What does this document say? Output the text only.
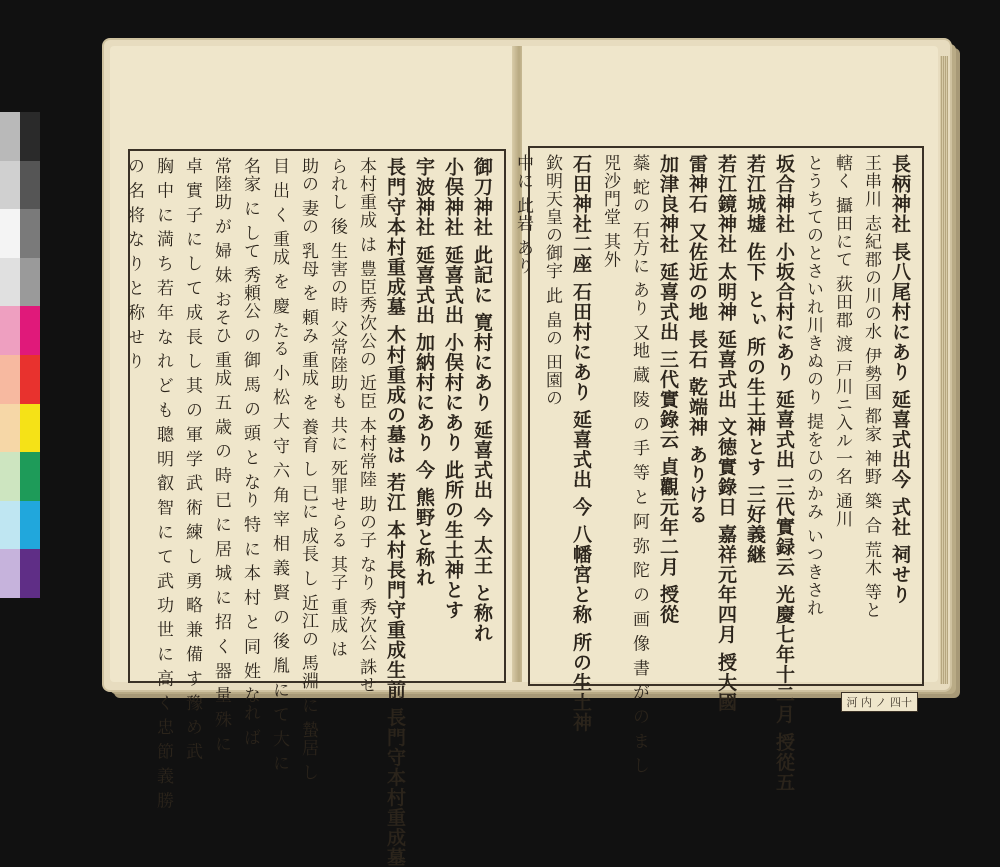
御刀神社 此記に 寛村にあり 延喜式出 今 太王 と称れ
小俣神社 延喜式出 小俣村にあり 此所の生土神とす
宇波神社 延喜式出 加納村にあり 今 熊野と称れ
長門守本村重成墓 木村重成の墓は 若江 本村長門守重成生前 長門守本村重成墓
本村重成 は 豊臣秀次公の 近臣 本村常陸 助の子 なり 秀次公 誅せ
られし 後 生害の時 父常陸助も 共に 死罪せらる 其子 重成 は
助の 妻の 乳母 を 頼み 重成 を 養育 し 已に 成長 し 近江の 馬淵 に 蟄居 し
目 出 く 重成 を 慶 たる 小 松 大 守 六 角 宰 相 義 賢 の 後 胤 に て 大 に
名家 に して 秀頼公 の 御 馬 の 頭 と なり 特 に 本 村 と 同 姓 なれ ば
常陸助 が 婦 妹 おそひ 重成 五 歳 の 時 已 に 居 城 に 招 く 器 量 殊 に
卓 實 子 に し て 成 長 し 其 の 軍 学 武 術 練 し 勇 略 兼 備 す 豫 め 武
胸 中 に 満 ち 若 年 な れ ど も 聰 明 叡 智 に て 武 功 世 に 高 く 忠 節 義 勝
の 名 将 な り と 称 せ り	長柄神社 長八尾村にあり 延喜式出今 式社 祠せり
王串川 志紀郡の川の水 伊勢国 都家 神野 築 合 荒木 等と
轄く 攝田にて 荻田郡 渡 戸川ニ入ル一名 通川
とうちてのとさいれ川きぬのり 提をひのかみ いつきされ
坂合神社 小坂合村にあり 延喜式出 三代實録云 光慶七年十二月 授從五
若江城墟 佐下 とぃ 所の生土神とす 三好義継
若江鏡神社 太明神 延喜式出 文徳實錄日 嘉祥元年四月 授大國
雷神石 又佐近の地 長石 乾端神 ありける
加津良神社 延喜式出 三代實錄云 貞觀元年二月 授從
蘂 蛇の 石方に あり 又地 蔵 陵 の 手 等 と 阿 弥 陀 の 画 像 書 が の ま し
兕沙門堂 其外
石田神社二座 石田村にあり 延喜式出 今 八幡宮と称 所の生土神
欽明天皇の御宇 此 畠の 田園の
中に 此岩 あり
河 内 ノ 四十
